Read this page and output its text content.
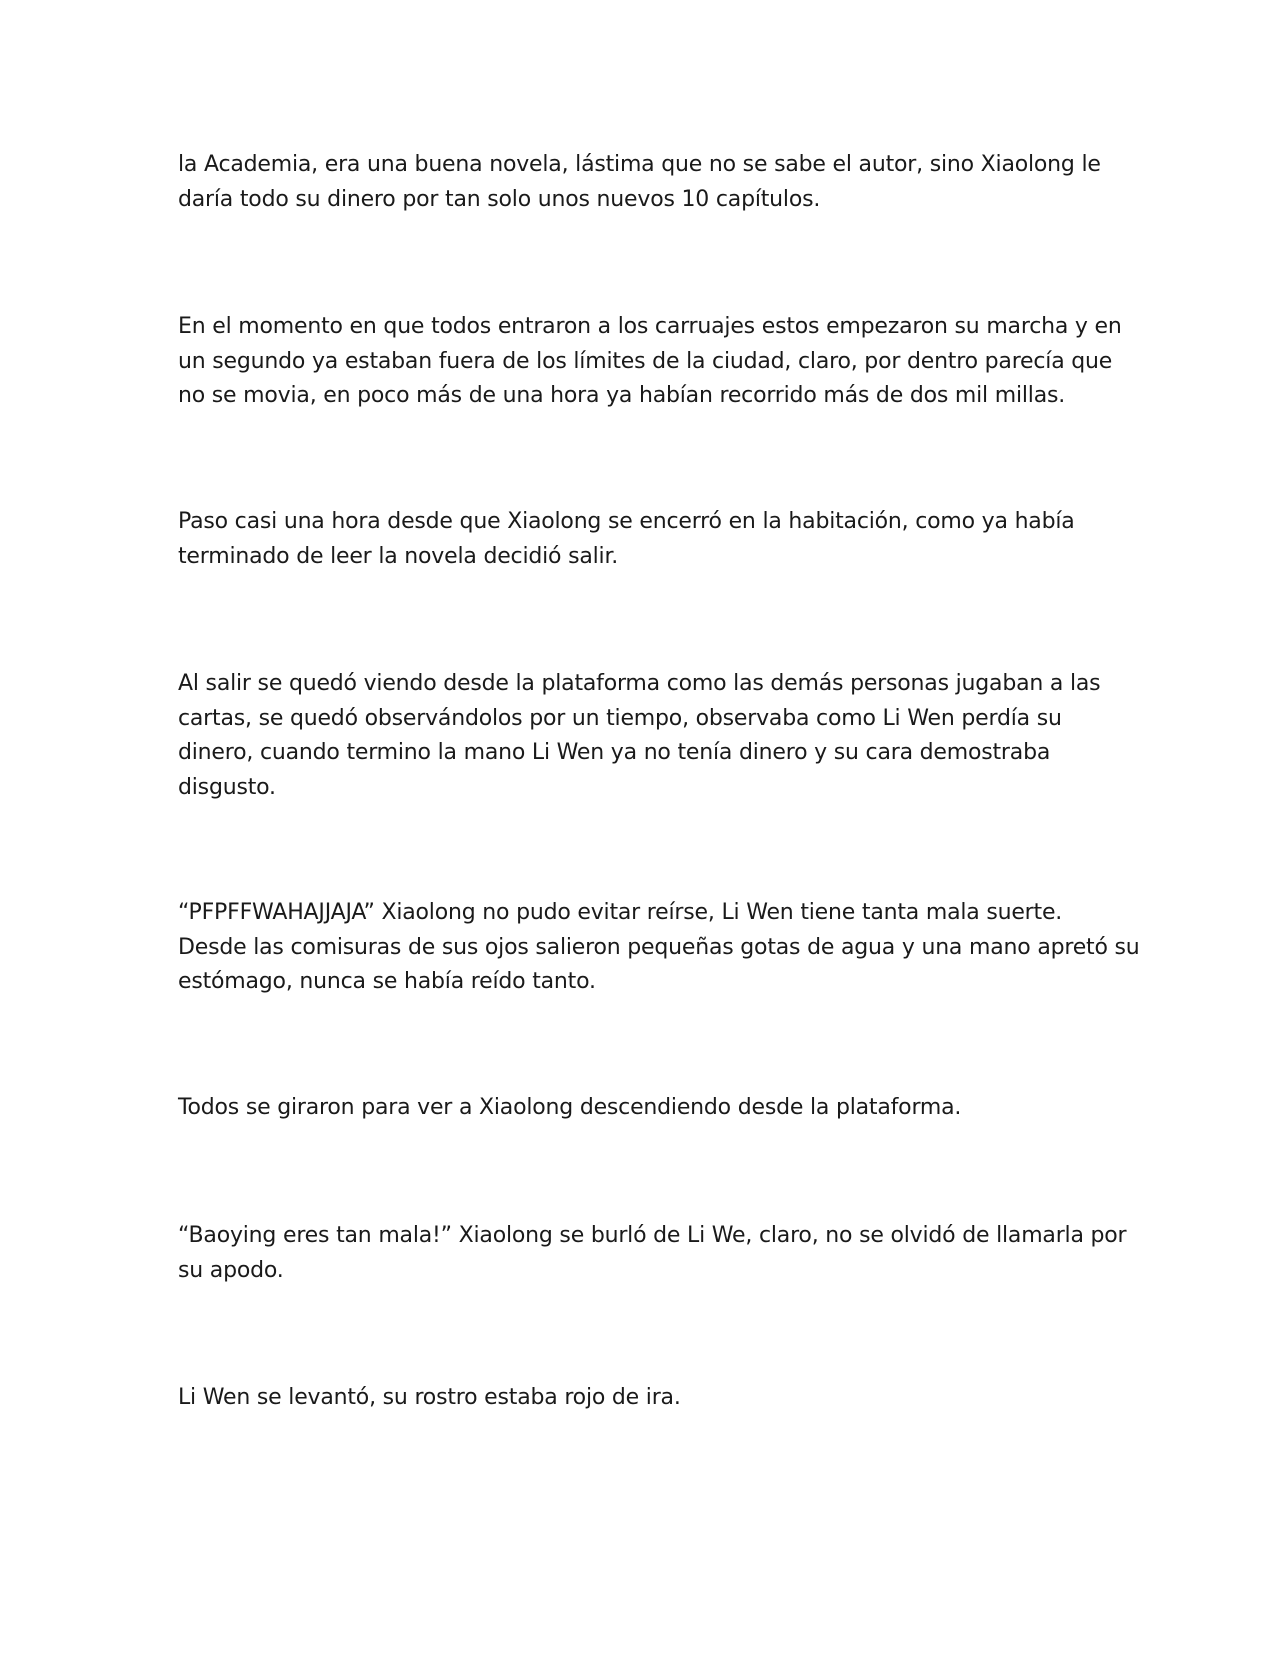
la Academia, era una buena novela, lástima que no se sabe el autor, sino Xiaolong le
daría todo su dinero por tan solo unos nuevos 10 capítulos.

En el momento en que todos entraron a los carruajes estos empezaron su marcha y en
un segundo ya estaban fuera de los límites de la ciudad, claro, por dentro parecía que
no se movia, en poco más de una hora ya habían recorrido más de dos mil millas.

Paso casi una hora desde que Xiaolong se encerró en la habitación, como ya había
terminado de leer la novela decidió salir.

Al salir se quedó viendo desde la plataforma como las demás personas jugaban a las
cartas, se quedó observándolos por un tiempo, observaba como Li Wen perdía su
dinero, cuando termino la mano Li Wen ya no tenía dinero y su cara demostraba
disgusto.

“PFPFFWAHAJJAJA” Xiaolong no pudo evitar reírse, Li Wen tiene tanta mala suerte.
Desde las comisuras de sus ojos salieron pequeñas gotas de agua y una mano apretó su
estómago, nunca se había reído tanto.

Todos se giraron para ver a Xiaolong descendiendo desde la plataforma.

“Baoying eres tan mala!” Xiaolong se burló de Li We, claro, no se olvidó de llamarla por
su apodo.

Li Wen se levantó, su rostro estaba rojo de ira.
